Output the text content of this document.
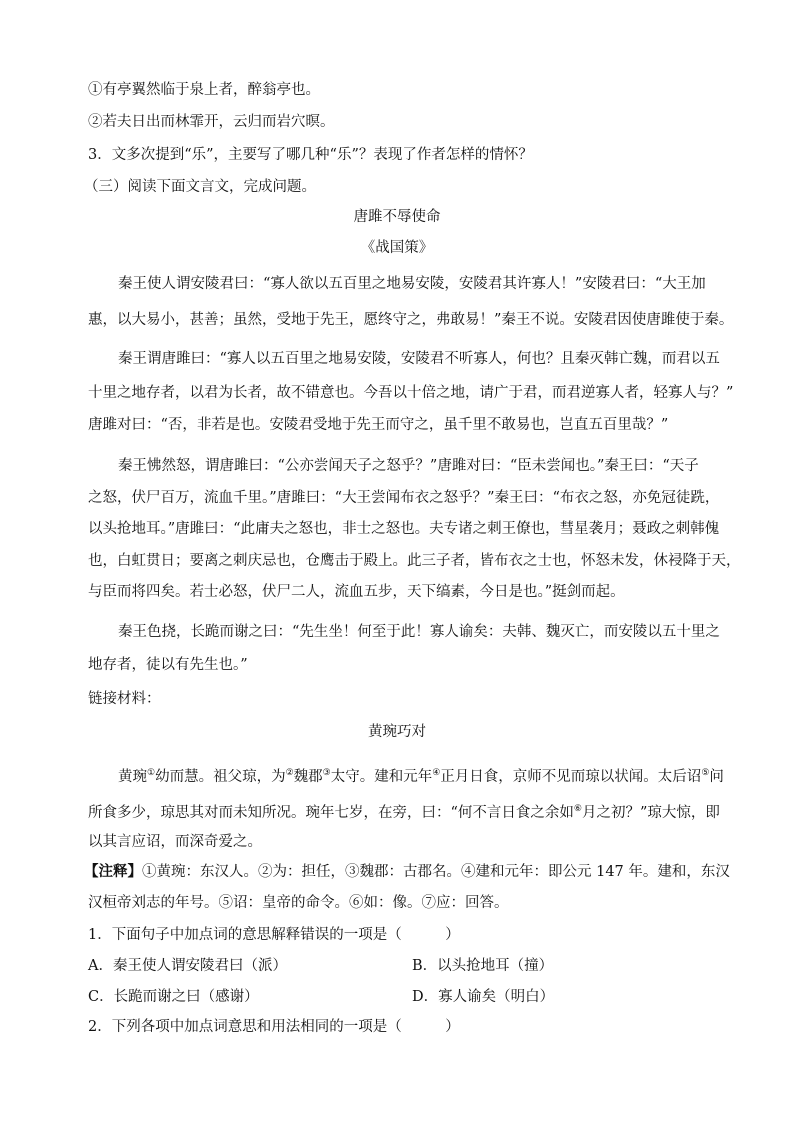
①有亭翼然临于泉上者，醉翁亭也。
②若夫日出而林霏开，云归而岩穴暝。
3．文多次提到“乐”，主要写了哪几种“乐”？表现了作者怎样的情怀？
（三）阅读下面文言文，完成问题。
唐雎不辱使命
《战国策》
秦王使人谓安陵君曰：“寡人欲以五百里之地易安陵，安陵君其许寡人！”安陵君曰：“大王加
惠，以大易小，甚善；虽然，受地于先王，愿终守之，弗敢易！”秦王不说。安陵君因使唐雎使于秦。
秦王谓唐雎曰：“寡人以五百里之地易安陵，安陵君不听寡人，何也？且秦灭韩亡魏，而君以五
十里之地存者，以君为长者，故不错意也。今吾以十倍之地，请广于君，而君逆寡人者，轻寡人与？”
唐雎对曰：“否，非若是也。安陵君受地于先王而守之，虽千里不敢易也，岂直五百里哉？”
秦王怫然怒，谓唐雎曰：“公亦尝闻天子之怒乎？”唐雎对曰：“臣未尝闻也。”秦王曰：“天子
之怒，伏尸百万，流血千里。”唐雎曰：“大王尝闻布衣之怒乎？”秦王曰：“布衣之怒，亦免冠徒跣，
以头抢地耳。”唐雎曰：“此庸夫之怒也，非士之怒也。夫专诸之刺王僚也，彗星袭月；聂政之刺韩傀
也，白虹贯日；要离之刺庆忌也，仓鹰击于殿上。此三子者，皆布衣之士也，怀怒未发，休祲降于天，
与臣而将四矣。若士必怒，伏尸二人，流血五步，天下缟素，今日是也。”挺剑而起。
秦王色挠，长跪而谢之曰：“先生坐！何至于此！寡人谕矣：夫韩、魏灭亡，而安陵以五十里之
地存者，徒以有先生也。”
链接材料：
黄琬巧对
黄琬①幼而慧。祖父琼，为②魏郡③太守。建和元年④正月日食，京师不见而琼以状闻。太后诏⑤问
所食多少，琼思其对而未知所况。琬年七岁，在旁，曰：“何不言日食之余如⑥月之初？”琼大惊，即
以其言应诏，而深奇爱之。
【注释】①黄琬：东汉人。②为：担任，③魏郡：古郡名。④建和元年：即公元 147 年。建和，东汉
汉桓帝刘志的年号。⑤诏：皇帝的命令。⑥如：像。⑦应：回答。
1．下面句子中加点词的意思解释错误的一项是（　　　）
A．秦王使人谓安陵君曰（派）	B．以头抢地耳（撞）
C．长跪而谢之曰（感谢）	D．寡人谕矣（明白）
2．下列各项中加点词意思和用法相同的一项是（　　　）
